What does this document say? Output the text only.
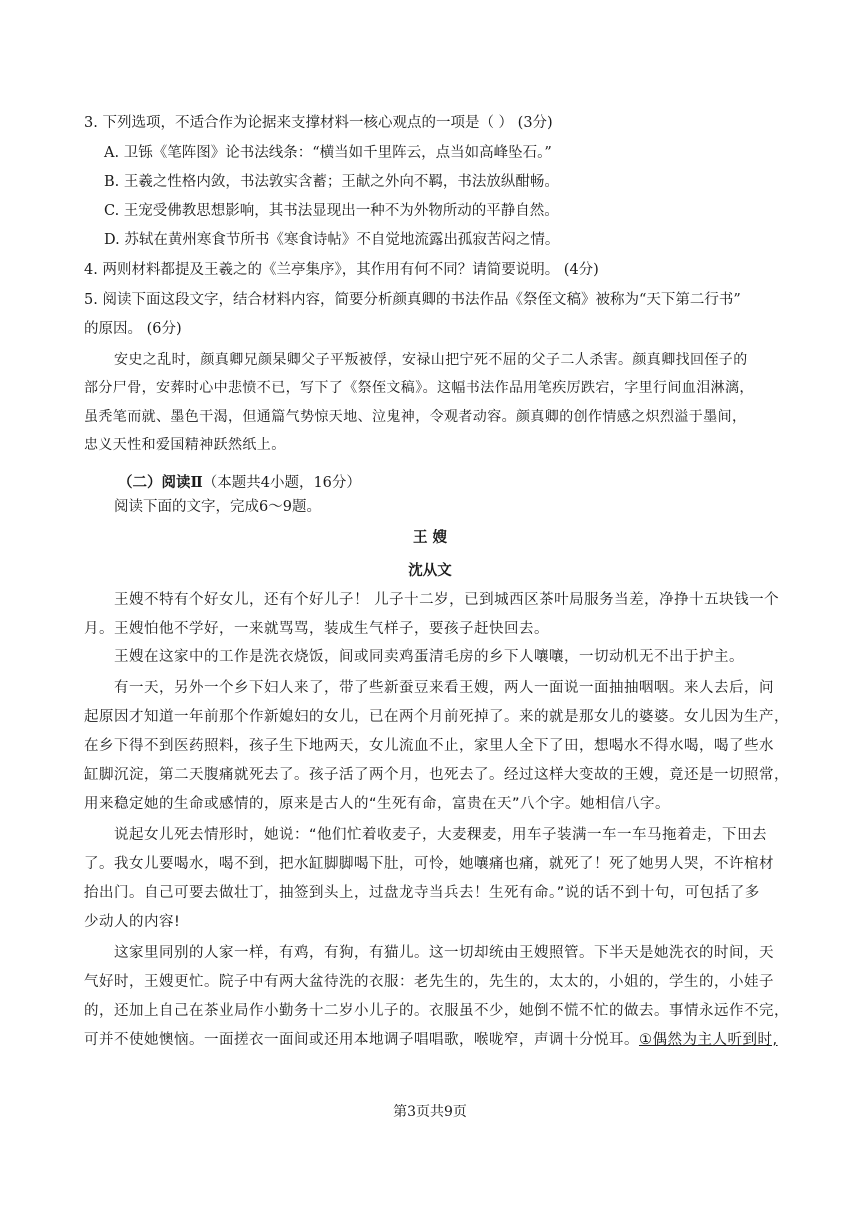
3. 下列选项，不适合作为论据来支撑材料一核心观点的一项是（ ） (3分)
A. 卫铄《笔阵图》论书法线条：“横当如千里阵云，点当如高峰坠石。”
B. 王羲之性格内敛，书法敦实含蓄；王献之外向不羁，书法放纵酣畅。
C. 王宠受佛教思想影响，其书法显现出一种不为外物所动的平静自然。
D. 苏轼在黄州寒食节所书《寒食诗帖》不自觉地流露出孤寂苦闷之情。
4. 两则材料都提及王羲之的《兰亭集序》，其作用有何不同？请简要说明。 (4分)
5. 阅读下面这段文字，结合材料内容，简要分析颜真卿的书法作品《祭侄文稿》被称为“天下第二行书”
的原因。 (6分)
安史之乱时，颜真卿兄颜杲卿父子平叛被俘，安禄山把宁死不屈的父子二人杀害。颜真卿找回侄子的
部分尸骨，安葬时心中悲愤不已，写下了《祭侄文稿》。这幅书法作品用笔疾厉跌宕，字里行间血泪淋漓，
虽秃笔而就、墨色干渴，但通篇气势惊天地、泣鬼神，令观者动容。颜真卿的创作情感之炽烈溢于墨间，
忠义天性和爱国精神跃然纸上。
（二）阅读Ⅱ（本题共4小题，16分）
阅读下面的文字，完成6～9题。
王 嫂
沈从文
王嫂不特有个好女儿，还有个好儿子！ 儿子十二岁，已到城西区茶叶局服务当差，净挣十五块钱一个
月。王嫂怕他不学好，一来就骂骂，装成生气样子，要孩子赶快回去。
王嫂在这家中的工作是洗衣烧饭，间或同卖鸡蛋清毛房的乡下人嚷嚷，一切动机无不出于护主。
有一天，另外一个乡下妇人来了，带了些新蚕豆来看王嫂，两人一面说一面抽抽咽咽。来人去后，问
起原因才知道一年前那个作新媳妇的女儿，已在两个月前死掉了。来的就是那女儿的婆婆。女儿因为生产，
在乡下得不到医药照料，孩子生下地两天，女儿流血不止，家里人全下了田，想喝水不得水喝，喝了些水
缸脚沉淀，第二天腹痛就死去了。孩子活了两个月，也死去了。经过这样大变故的王嫂，竟还是一切照常，
用来稳定她的生命或感情的，原来是古人的“生死有命，富贵在天”八个字。她相信八字。
说起女儿死去情形时，她说：“他们忙着收麦子，大麦稞麦，用车子装满一车一车马拖着走，下田去
了。我女儿要喝水，喝不到，把水缸脚脚喝下肚，可怜，她嚷痛也痛，就死了！死了她男人哭，不许棺材
抬出门。自己可要去做壮丁，抽签到头上，过盘龙寺当兵去！生死有命。”说的话不到十句，可包括了多
少动人的内容!
这家里同别的人家一样，有鸡，有狗，有猫儿。这一切却统由王嫂照管。下半天是她洗衣的时间，天
气好时，王嫂更忙。院子中有两大盆待洗的衣服：老先生的，先生的，太太的，小姐的，学生的，小娃子
的，还加上自己在茶业局作小勤务十二岁小儿子的。衣服虽不少，她倒不慌不忙的做去。事情永远作不完，
可并不使她懊恼。一面搓衣一面间或还用本地调子唱唱歌，喉咙窄，声调十分悦耳。①偶然为主人听到时,
第3页共9页
